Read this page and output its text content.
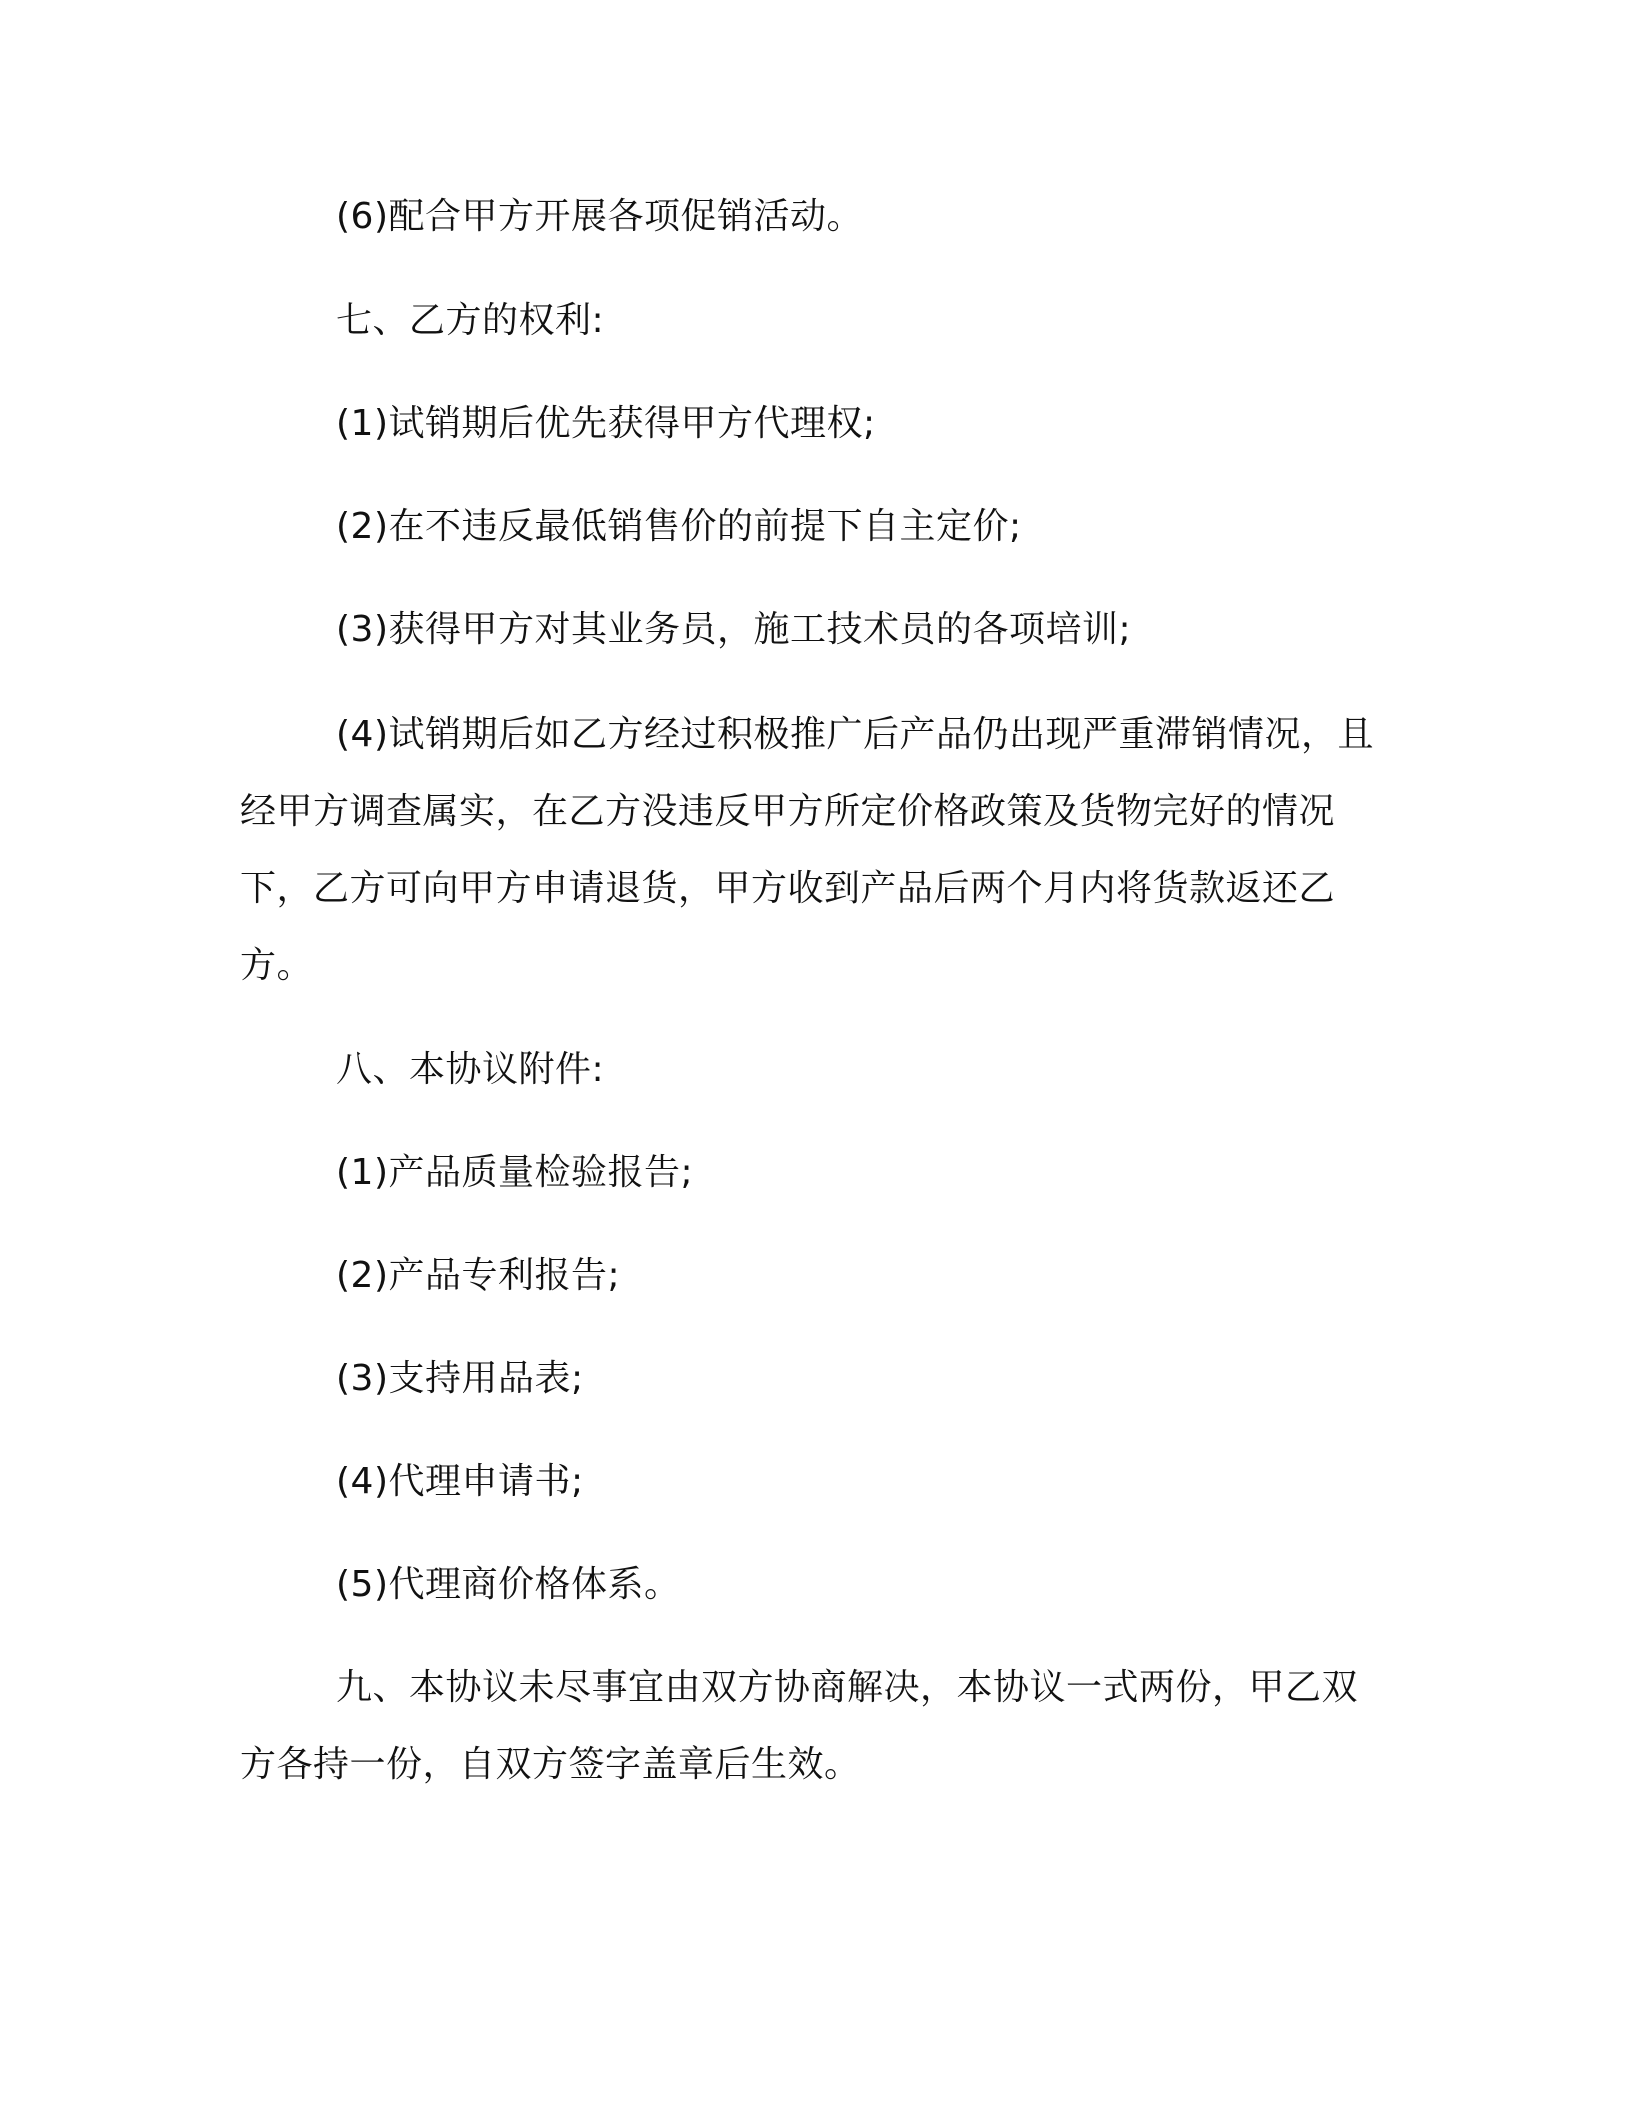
(6)配合甲方开展各项促销活动。

七、乙方的权利:

(1)试销期后优先获得甲方代理权;

(2)在不违反最低销售价的前提下自主定价;

(3)获得甲方对其业务员，施工技术员的各项培训;

(4)试销期后如乙方经过积极推广后产品仍出现严重滞销情况，且经甲方调查属实，在乙方没违反甲方所定价格政策及货物完好的情况下，乙方可向甲方申请退货，甲方收到产品后两个月内将货款返还乙方。

八、本协议附件:

(1)产品质量检验报告;

(2)产品专利报告;

(3)支持用品表;

(4)代理申请书;

(5)代理商价格体系。

九、本协议未尽事宜由双方协商解决，本协议一式两份，甲乙双方各持一份，自双方签字盖章后生效。
